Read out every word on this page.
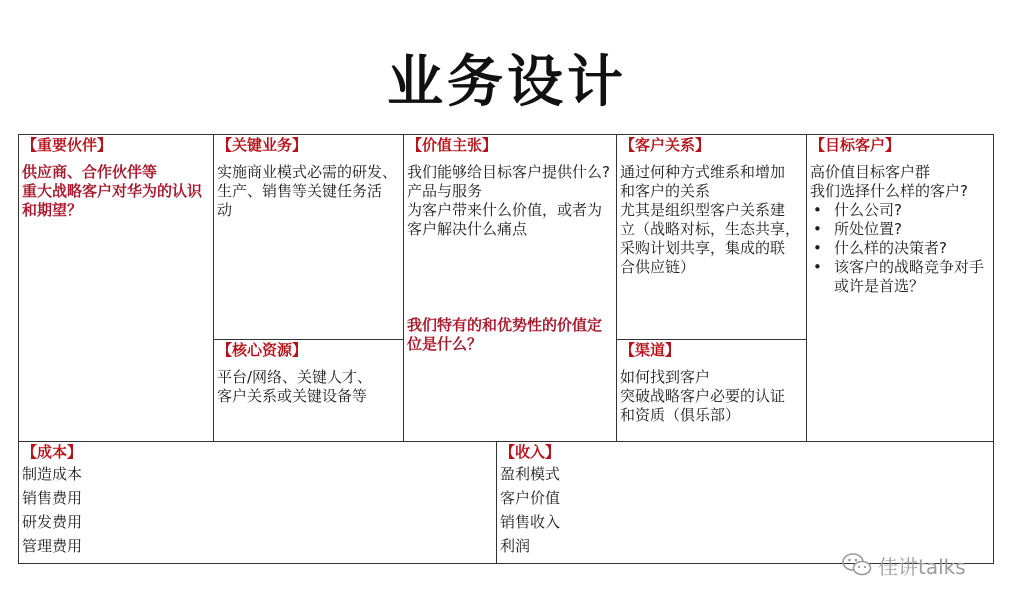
业务设计
【重要伙伴】
供应商、合作伙伴等
重大战略客户对华为的认识
和期望？
【关键业务】
实施商业模式必需的研发、
生产、销售等关键任务活
动
【核心资源】
平台/网络、关键人才、
客户关系或关键设备等
【价值主张】
我们能够给目标客户提供什么?
产品与服务
为客户带来什么价值，或者为
客户解决什么痛点
我们特有的和优势性的价值定
位是什么？
【客户关系】
通过何种方式维系和增加
和客户的关系
尤其是组织型客户关系建
立（战略对标，生态共享，
采购计划共享，集成的联
合供应链）
【渠道】
如何找到客户
突破战略客户必要的认证
和资质（俱乐部）
【目标客户】
高价值目标客户群
我们选择什么样的客户?
• 什么公司?
• 所处位置?
• 什么样的决策者?
• 该客户的战略竞争对手或许是首选？
【成本】
制造成本
销售费用
研发费用
管理费用
【收入】
盈利模式
客户价值
销售收入
利润
佳讲talks
